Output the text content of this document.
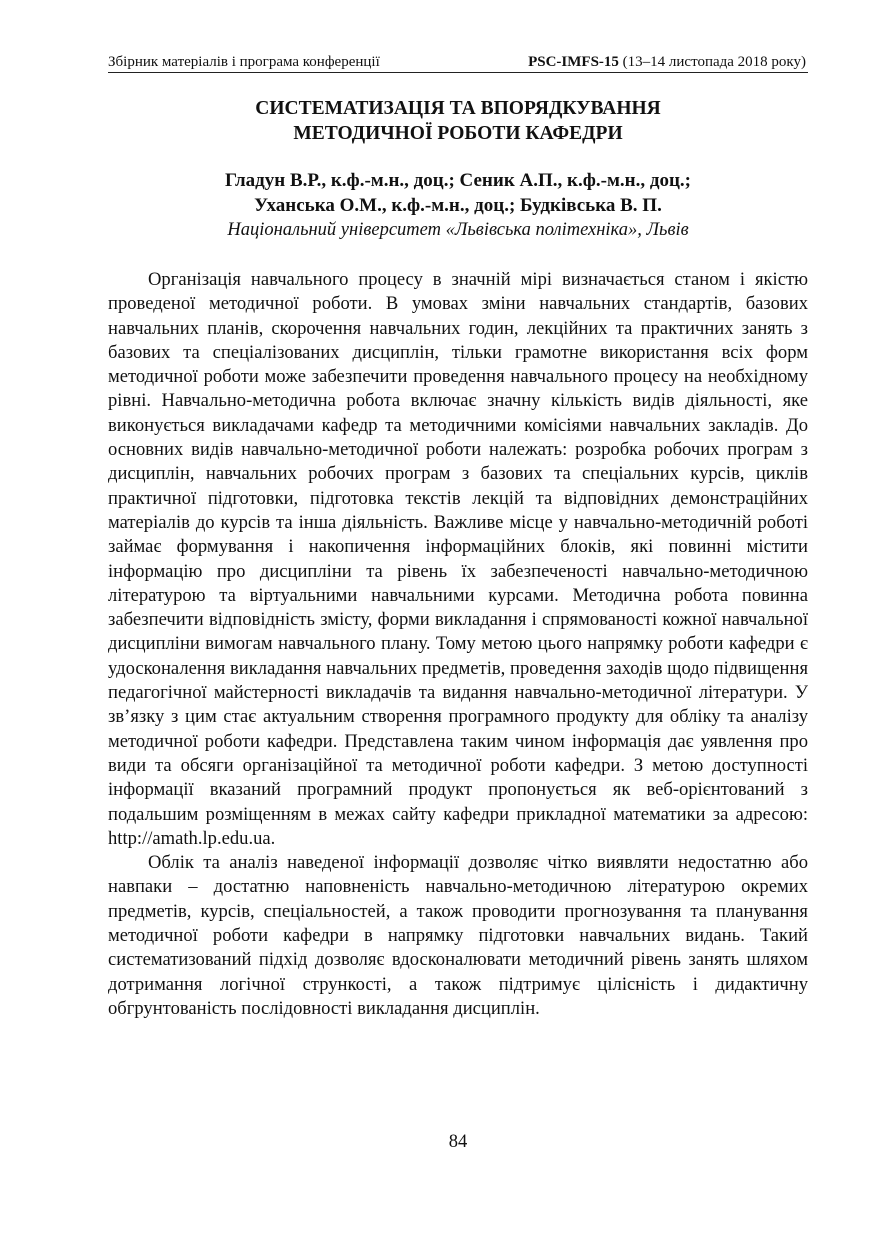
Збірник матеріалів і програма конференції	PSC-IMFS-15 (13–14 листопада 2018 року)
СИСТЕМАТИЗАЦІЯ ТА ВПОРЯДКУВАННЯ
МЕТОДИЧНОЇ РОБОТИ КАФЕДРИ
Гладун В.Р., к.ф.-м.н., доц.; Сеник А.П., к.ф.-м.н., доц.;
Уханська О.М., к.ф.-м.н., доц.; Будківська В. П.
Національний університет «Львівська політехніка», Львів

Організація навчального процесу в значній мірі визначається станом і якістю проведеної методичної роботи. В умовах зміни навчальних стандартів, базових навчальних планів, скорочення навчальних годин, лекційних та практичних занять з базових та спеціалізованих дисциплін, тільки грамотне використання всіх форм методичної роботи може забезпечити проведення навчального процесу на необхідному рівні. Навчально-методична робота включає значну кількість видів діяльності, яке виконується викладачами кафедр та методичними комісіями навчальних закладів. До основних видів навчально-методичної роботи належать: розробка робочих програм з дисциплін, навчальних робочих програм з базових та спеціальних курсів, циклів практичної підготовки, підготовка текстів лекцій та відповідних демонстраційних матеріалів до курсів та інша діяльність. Важливе місце у навчально-методичній роботі займає формування і накопичення інформаційних блоків, які повинні містити інформацію про дисципліни та рівень їх забезпеченості навчально-методичною літературою та віртуальними навчальними курсами. Методична робота повинна забезпечити відповідність змісту, форми викладання і спрямованості кожної навчальної дисципліни вимогам навчального плану. Тому метою цього напрямку роботи кафедри є удосконалення викладання навчальних предметів, проведення заходів щодо підвищення педагогічної майстерності викладачів та видання навчально-методичної літератури. У зв’язку з цим стає актуальним створення програмного продукту для обліку та аналізу методичної роботи кафедри. Представлена таким чином інформація дає уявлення про види та обсяги організаційної та методичної роботи кафедри. З метою доступності інформації вказаний програмний продукт пропонується як веб-орієнтований з подальшим розміщенням в межах сайту кафедри прикладної математики за адресою: http://amath.lp.edu.ua.

Облік та аналіз наведеної інформації дозволяє чітко виявляти недостатню або навпаки – достатню наповненість навчально-методичною літературою окремих предметів, курсів, спеціальностей, а також проводити прогнозування та планування методичної роботи кафедри в напрямку підготовки навчальних видань. Такий систематизований підхід дозволяє вдосконалювати методичний рівень занять шляхом дотримання логічної стрункості, а також підтримує цілісність і дидактичну обгрунтованість послідовності викладання дисциплін.

84
